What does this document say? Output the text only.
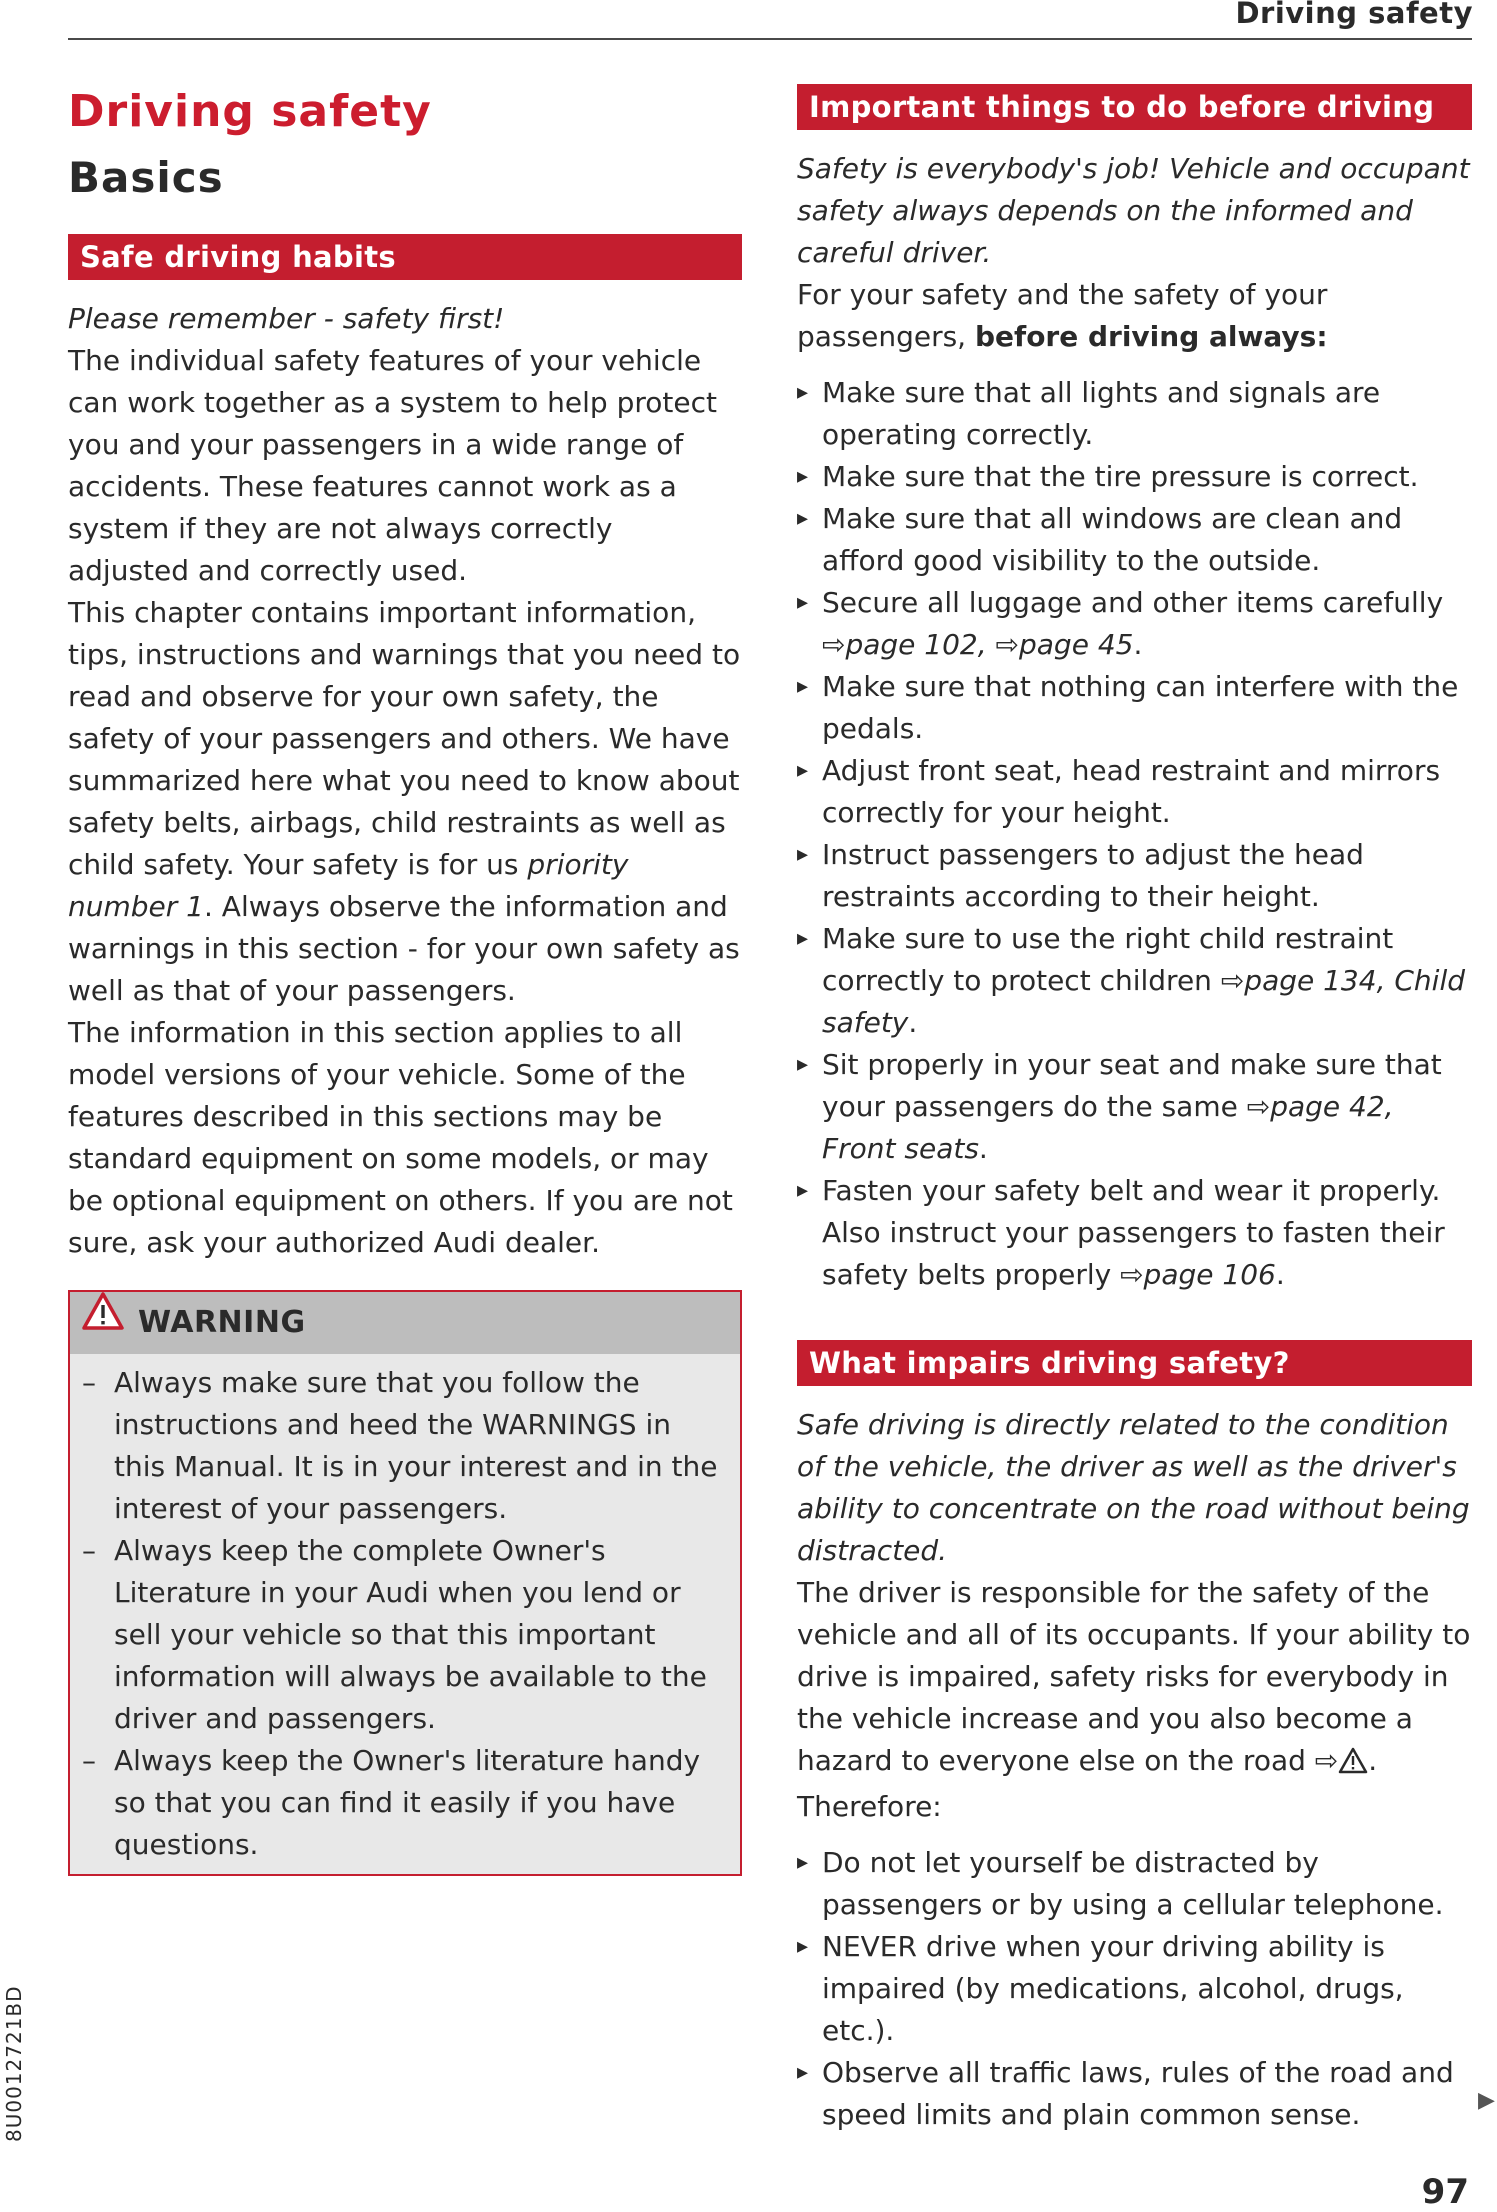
Driving safety
Driving safety
Basics
Safe driving habits

Please remember - safety first!

The individual safety features of your vehicle can work together as a system to help protect you and your passengers in a wide range of accidents. These features cannot work as a system if they are not always correctly adjusted and correctly used.

This chapter contains important information, tips, instructions and warnings that you need to read and observe for your own safety, the safety of your passengers and others. We have summarized here what you need to know about safety belts, airbags, child restraints as well as child safety. Your safety is for us priority number 1. Always observe the information and warnings in this section - for your own safety as well as that of your passengers.

The information in this section applies to all model versions of your vehicle. Some of the features described in this sections may be standard equipment on some models, or may be optional equipment on others. If you are not sure, ask your authorized Audi dealer.

WARNING
– Always make sure that you follow the instructions and heed the WARNINGS in this Manual. It is in your interest and in the interest of your passengers.
– Always keep the complete Owner's Literature in your Audi when you lend or sell your vehicle so that this important information will always be available to the driver and passengers.
– Always keep the Owner's literature handy so that you can find it easily if you have questions.
Important things to do before driving

Safety is everybody's job! Vehicle and occupant safety always depends on the informed and careful driver.

For your safety and the safety of your passengers, before driving always:

▸ Make sure that all lights and signals are operating correctly.
▸ Make sure that the tire pressure is correct.
▸ Make sure that all windows are clean and afford good visibility to the outside.
▸ Secure all luggage and other items carefully ⇨page 102, ⇨page 45.
▸ Make sure that nothing can interfere with the pedals.
▸ Adjust front seat, head restraint and mirrors correctly for your height.
▸ Instruct passengers to adjust the head restraints according to their height.
▸ Make sure to use the right child restraint correctly to protect children ⇨page 134, Child safety.
▸ Sit properly in your seat and make sure that your passengers do the same ⇨page 42, Front seats.
▸ Fasten your safety belt and wear it properly. Also instruct your passengers to fasten their safety belts properly ⇨page 106.
What impairs driving safety?

Safe driving is directly related to the condition of the vehicle, the driver as well as the driver's ability to concentrate on the road without being distracted.

The driver is responsible for the safety of the vehicle and all of its occupants. If your ability to drive is impaired, safety risks for everybody in the vehicle increase and you also become a hazard to everyone else on the road ⇨ . Therefore:

▸ Do not let yourself be distracted by passengers or by using a cellular telephone.
▸ NEVER drive when your driving ability is impaired (by medications, alcohol, drugs, etc.).
▸ Observe all traffic laws, rules of the road and speed limits and plain common sense.
8U0012721BD	▶
97
